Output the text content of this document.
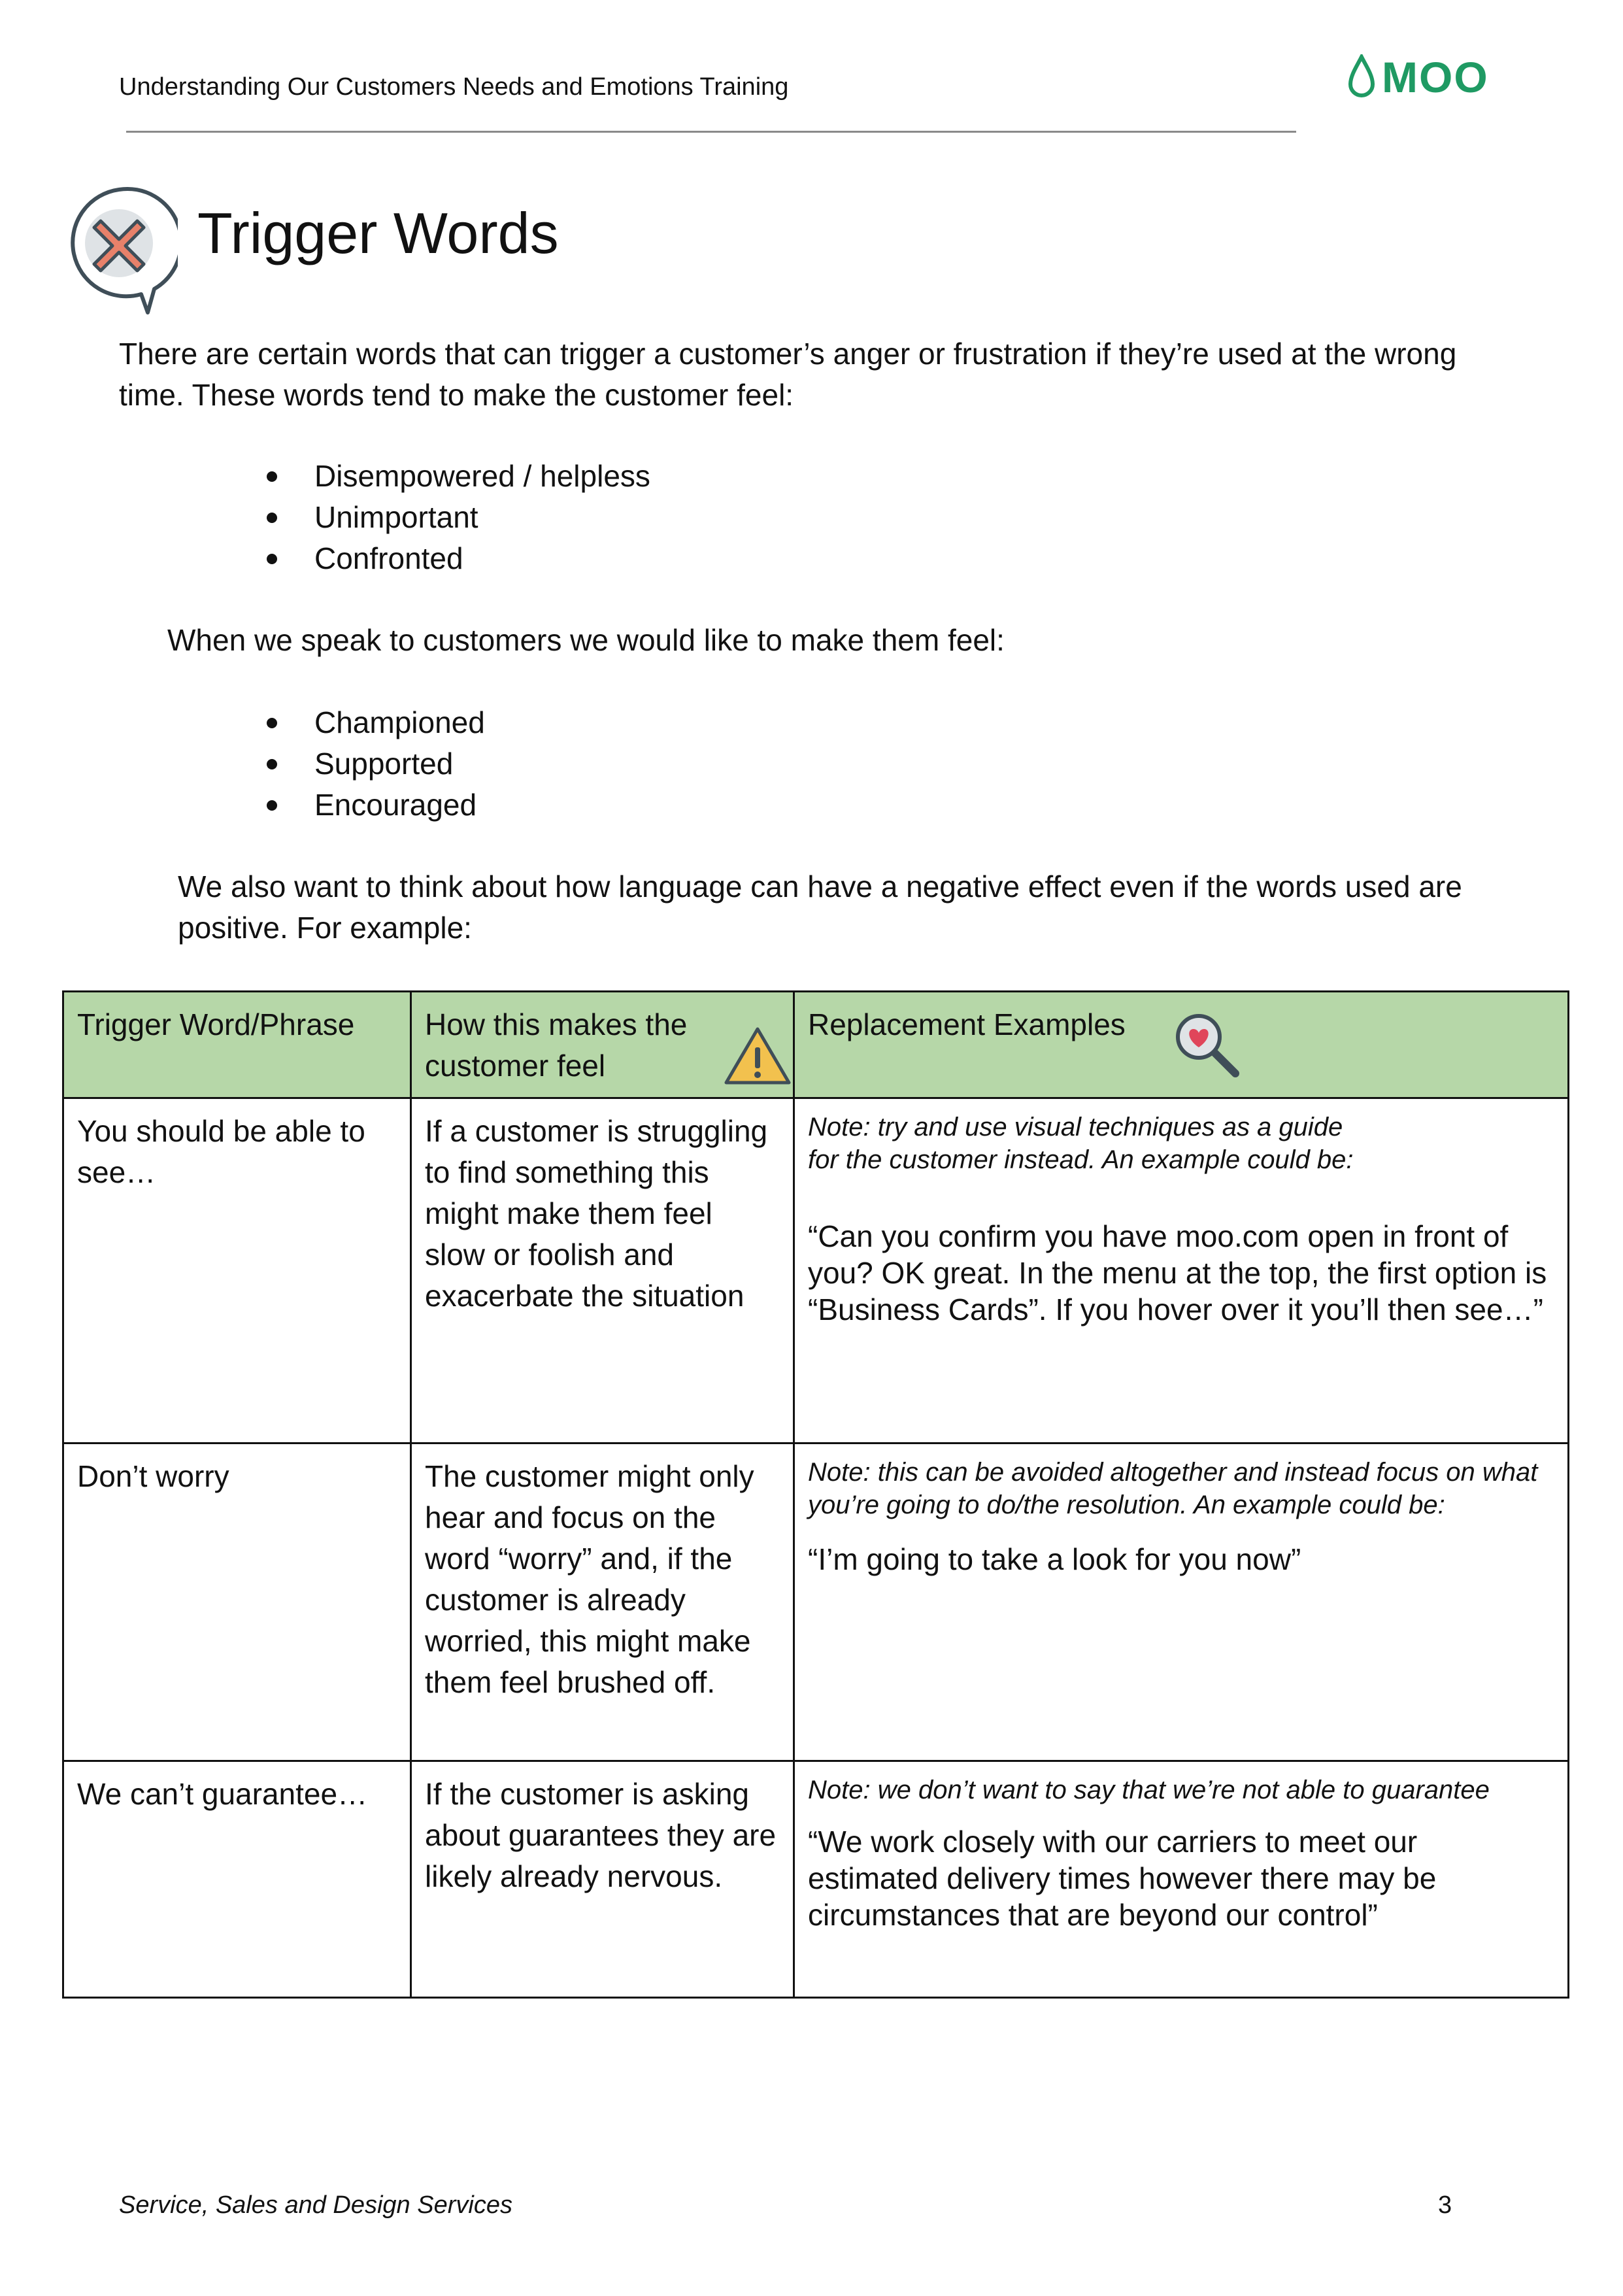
Understanding Our Customers Needs and Emotions Training	MOO
Trigger Words

There are certain words that can trigger a customer’s anger or frustration if they’re used at the wrong time. These words tend to make the customer feel:

Disempowered / helpless
Unimportant
Confronted

When we speak to customers we would like to make them feel:

Championed
Supported
Encouraged

We also want to think about how language can have a negative effect even if the words used are positive. For example:

Trigger Word/Phrase	How this makes the customer feel	Replacement Examples

You should be able to see…	If a customer is struggling to find something this might make them feel slow or foolish and exacerbate the situation	Note: try and use visual techniques as a guide for the customer instead. An example could be:

“Can you confirm you have moo.com open in front of you? OK great. In the menu at the top, the first option is “Business Cards”. If you hover over it you’ll then see…”

Don’t worry	The customer might only hear and focus on the word “worry” and, if the customer is already worried, this might make them feel brushed off.	Note: this can be avoided altogether and instead focus on what you’re going to do/the resolution. An example could be:

“I’m going to take a look for you now”

We can’t guarantee…	If the customer is asking about guarantees they are likely already nervous.	Note: we don’t want to say that we’re not able to guarantee

“We work closely with our carriers to meet our estimated delivery times however there may be circumstances that are beyond our control”

Service, Sales and Design Services	3
